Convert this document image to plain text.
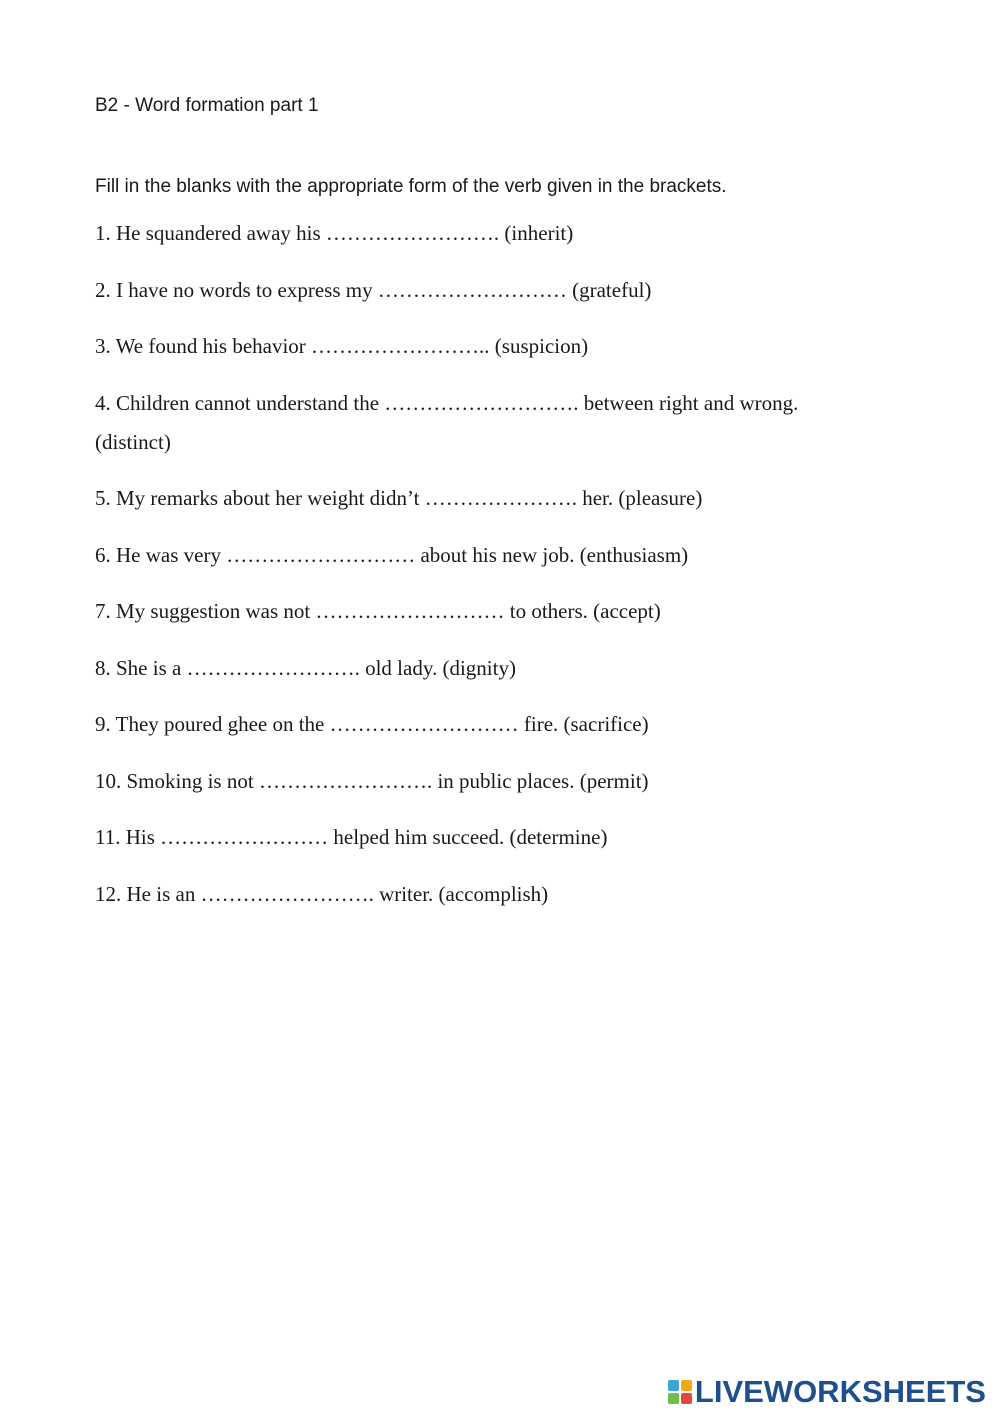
B2 - Word formation part 1
Fill in the blanks with the appropriate form of the verb given in the brackets.
1. He squandered away his ……………………. (inherit)
2. I have no words to express my ……………………… (grateful)
3. We found his behavior …………………….. (suspicion)
4. Children cannot understand the ………………………. between right and wrong. (distinct)
5. My remarks about her weight didn’t …………………. her. (pleasure)
6. He was very ……………………… about his new job. (enthusiasm)
7. My suggestion was not ……………………… to others. (accept)
8. She is a ……………………. old lady. (dignity)
9. They poured ghee on the ……………………… fire. (sacrifice)
10. Smoking is not ……………………. in public places. (permit)
11. His …………………… helped him succeed. (determine)
12. He is an ……………………. writer. (accomplish)
LIVEWORKSHEETS
